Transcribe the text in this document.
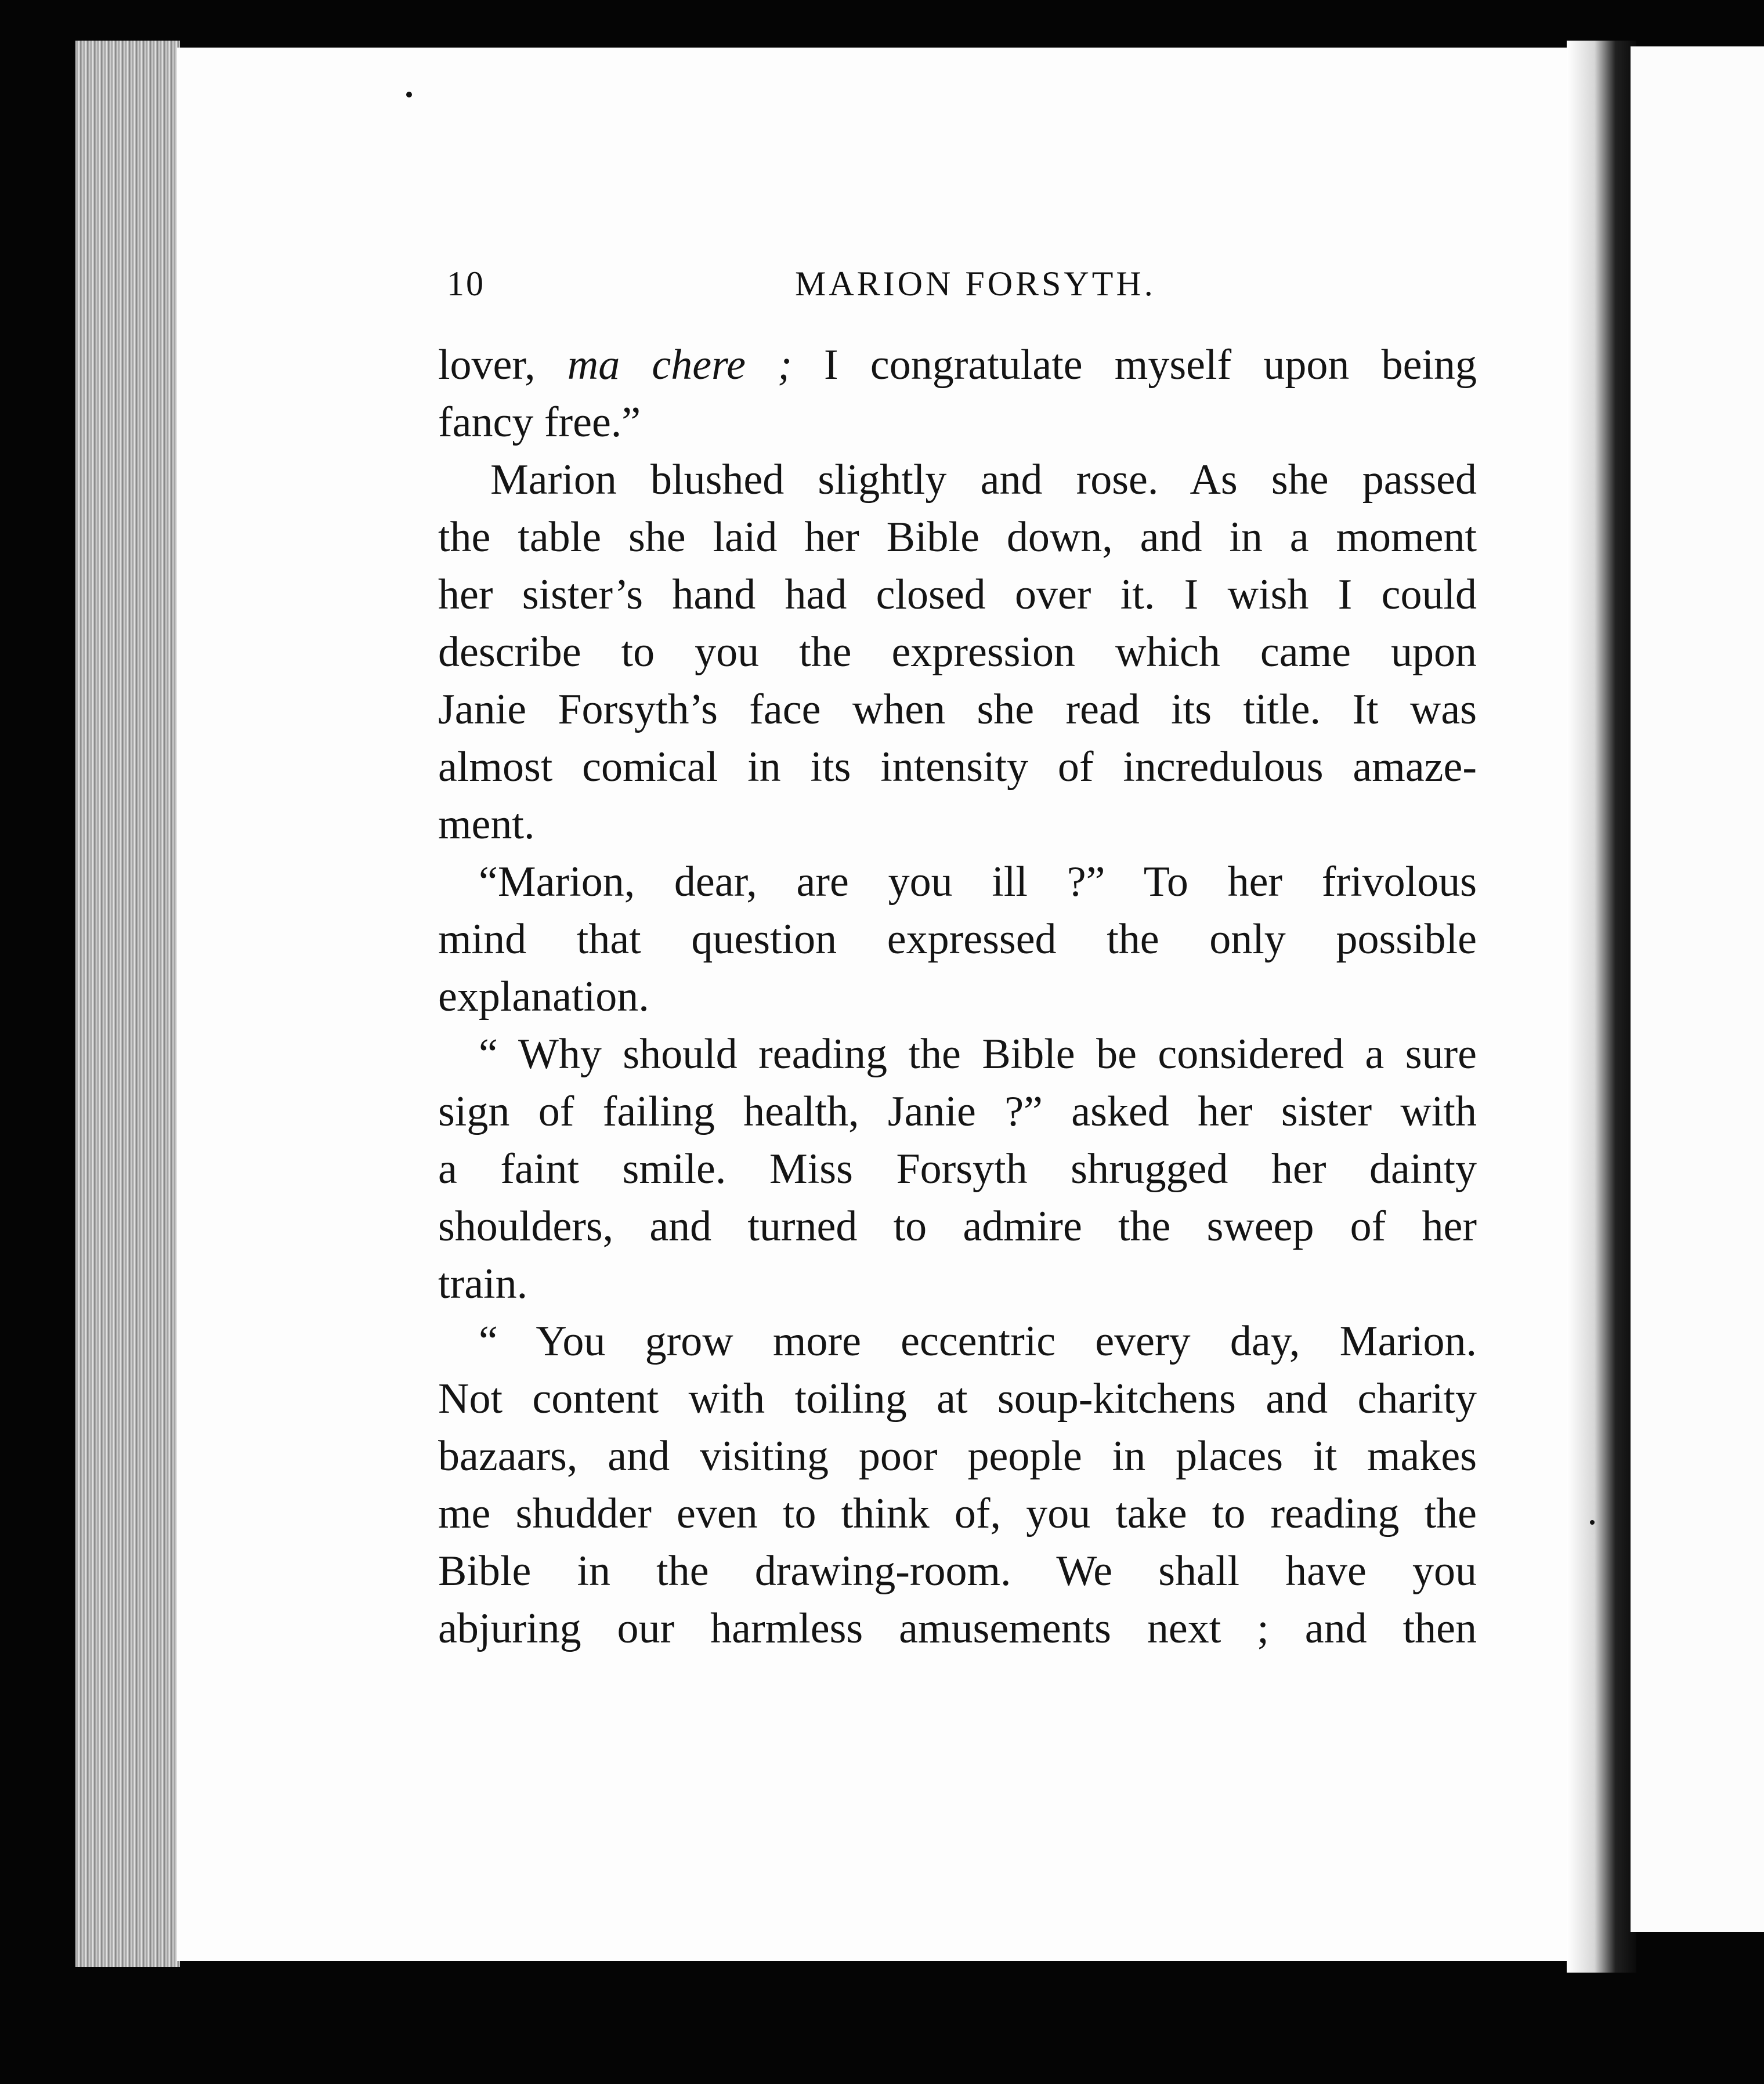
10	MARION FORSYTH.
lover, ma chere ; I congratulate myself upon being
fancy free.”
Marion blushed slightly and rose. As she passed
the table she laid her Bible down, and in a moment
her sister’s hand had closed over it. I wish I could
describe to you the expression which came upon
Janie Forsyth’s face when she read its title. It was
almost comical in its intensity of incredulous amaze-
ment.
“Marion, dear, are you ill ?” To her frivolous
mind that question expressed the only possible
explanation.
“ Why should reading the Bible be considered a sure
sign of failing health, Janie ?” asked her sister with
a faint smile. Miss Forsyth shrugged her dainty
shoulders, and turned to admire the sweep of her
train.
“ You grow more eccentric every day, Marion.
Not content with toiling at soup-kitchens and charity
bazaars, and visiting poor people in places it makes
me shudder even to think of, you take to reading the
Bible in the drawing-room. We shall have you
abjuring our harmless amusements next ; and then
